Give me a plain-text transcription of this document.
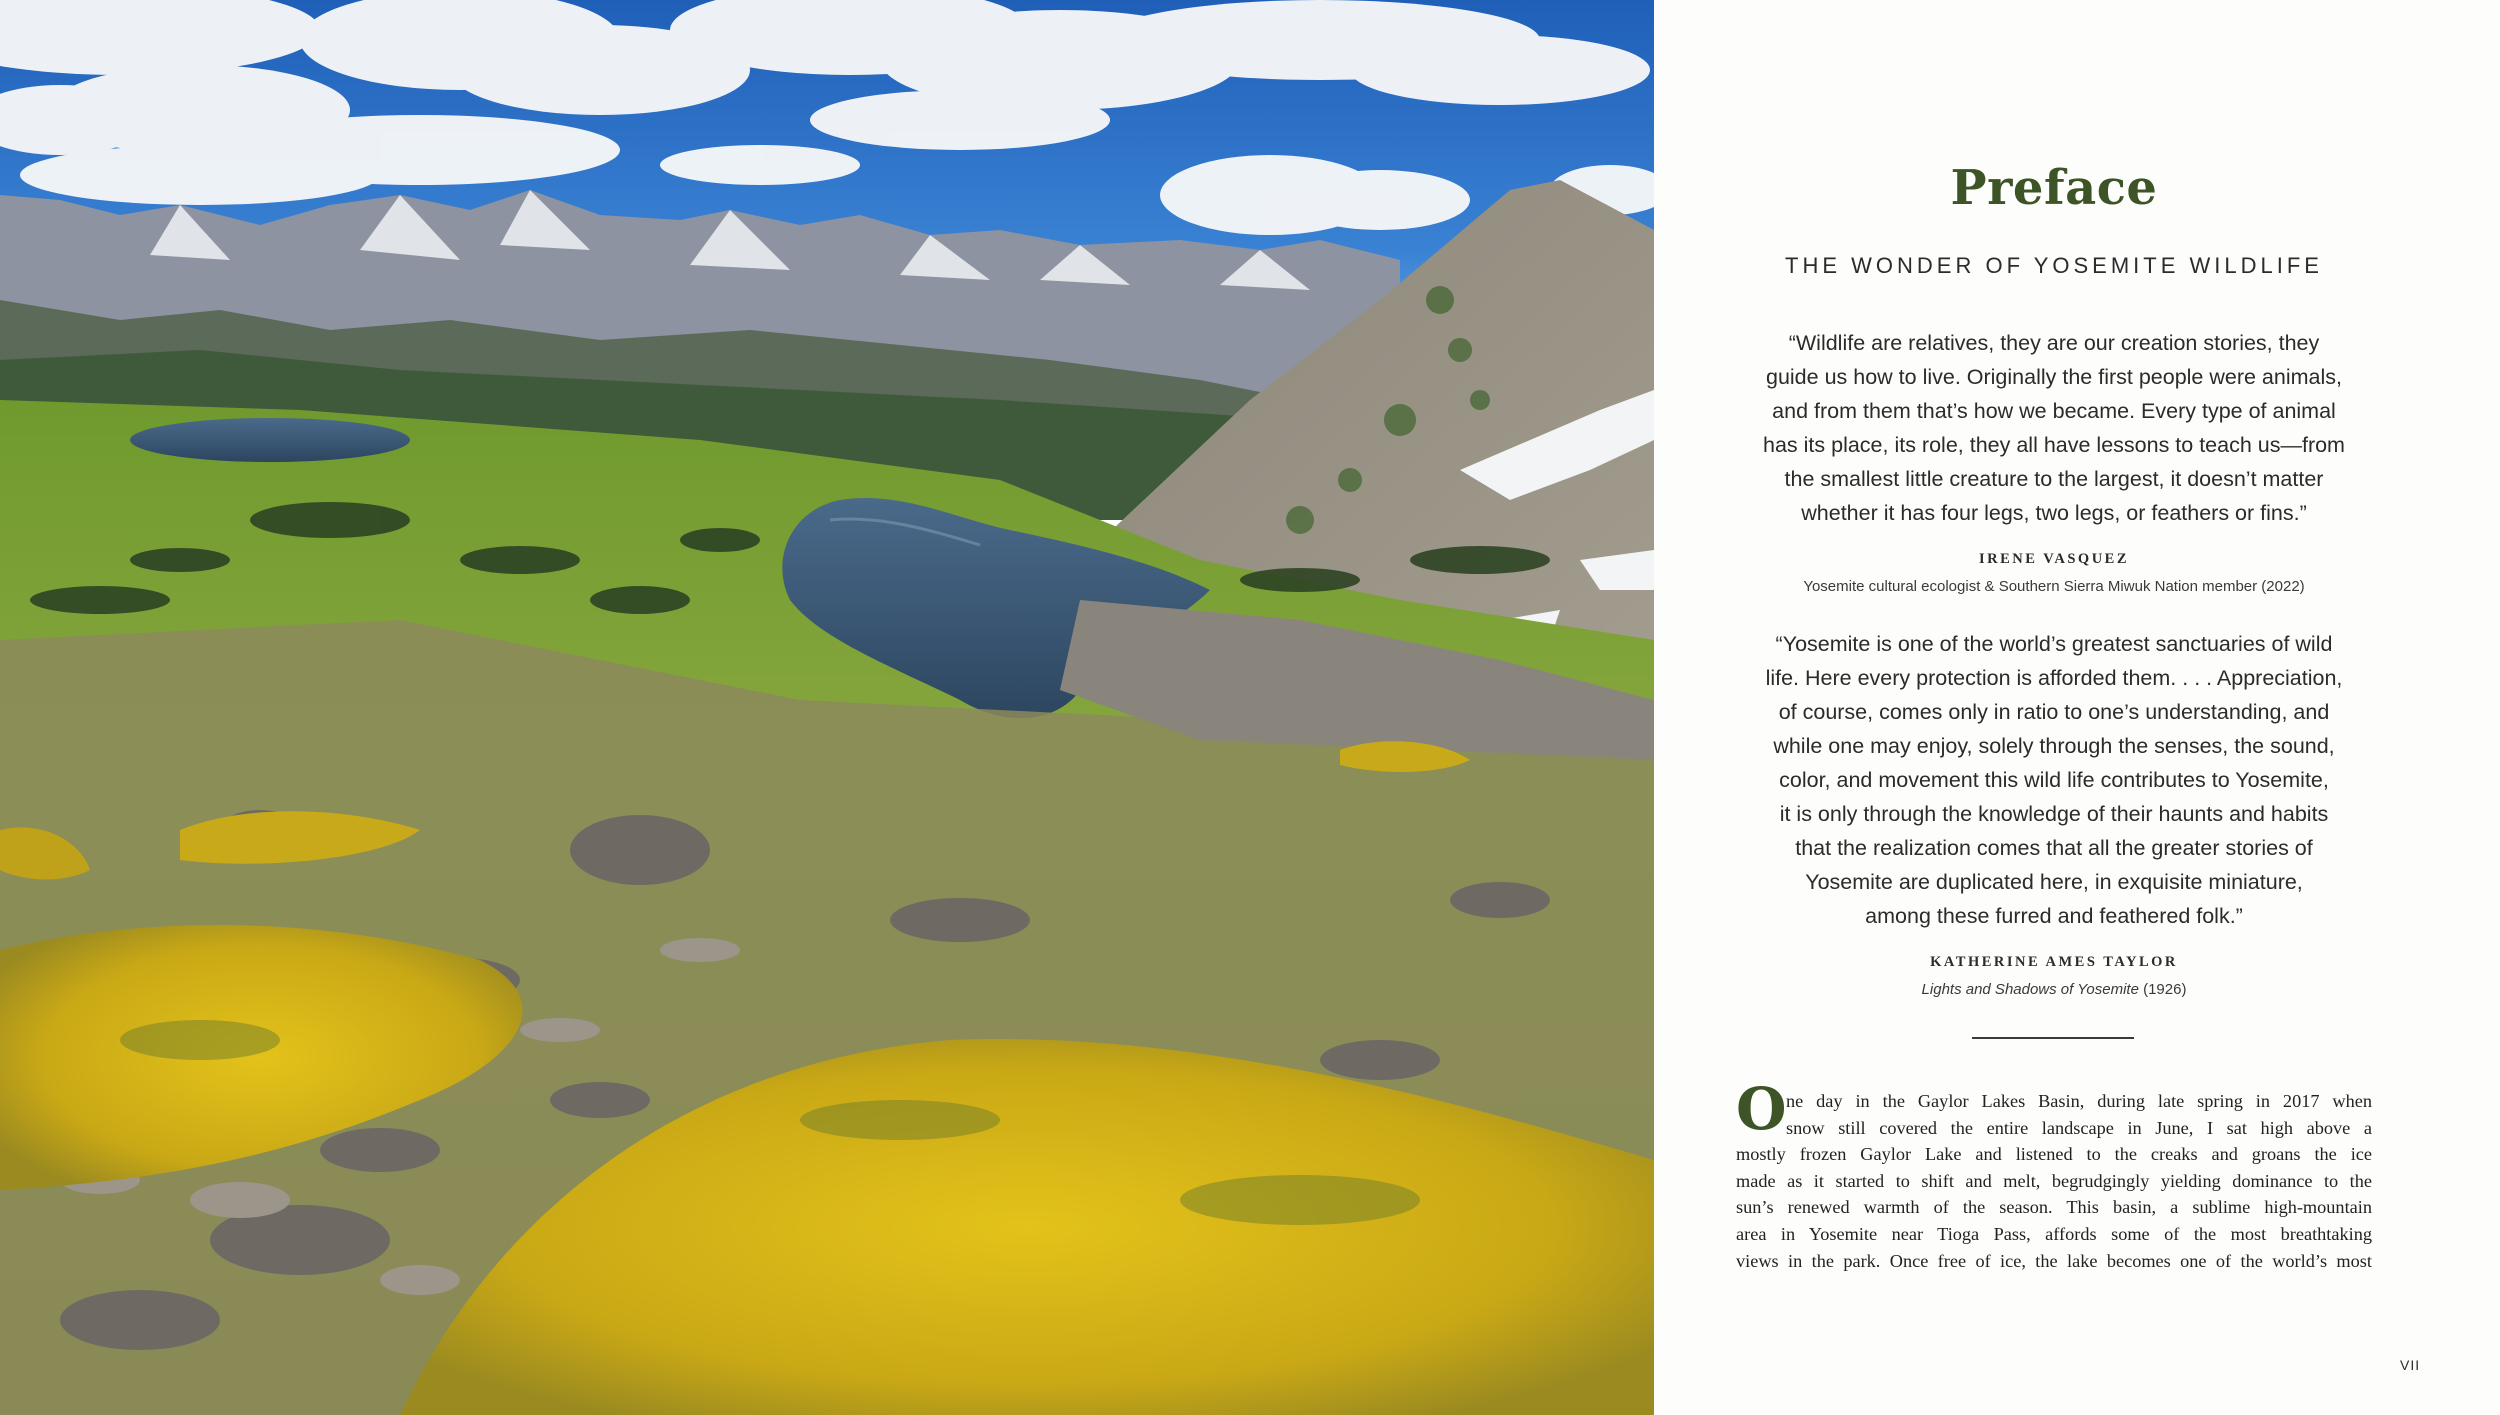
Preface
THE WONDER OF YOSEMITE WILDLIFE
“Wildlife are relatives, they are our creation stories, they
guide us how to live. Originally the first people were animals,
and from them that’s how we became. Every type of animal
has its place, its role, they all have lessons to teach us—from
the smallest little creature to the largest, it doesn’t matter
whether it has four legs, two legs, or feathers or fins.”
IRENE VASQUEZ
Yosemite cultural ecologist & Southern Sierra Miwuk Nation member (2022)
“Yosemite is one of the world’s greatest sanctuaries of wild
life. Here every protection is afforded them. . . . Appreciation,
of course, comes only in ratio to one’s understanding, and
while one may enjoy, solely through the senses, the sound,
color, and movement this wild life contributes to Yosemite,
it is only through the knowledge of their haunts and habits
that the realization comes that all the greater stories of
Yosemite are duplicated here, in exquisite miniature,
among these furred and feathered folk.”
KATHERINE AMES TAYLOR
Lights and Shadows of Yosemite (1926)
O ne day in the Gaylor Lakes Basin, during late spring in 2017 when
snow still covered the entire landscape in June, I sat high above a
mostly frozen Gaylor Lake and listened to the creaks and groans the ice
made as it started to shift and melt, begrudgingly yielding dominance to the
sun’s renewed warmth of the season. This basin, a sublime high-mountain
area in Yosemite near Tioga Pass, affords some of the most breathtaking
views in the park. Once free of ice, the lake becomes one of the world’s most
VII
